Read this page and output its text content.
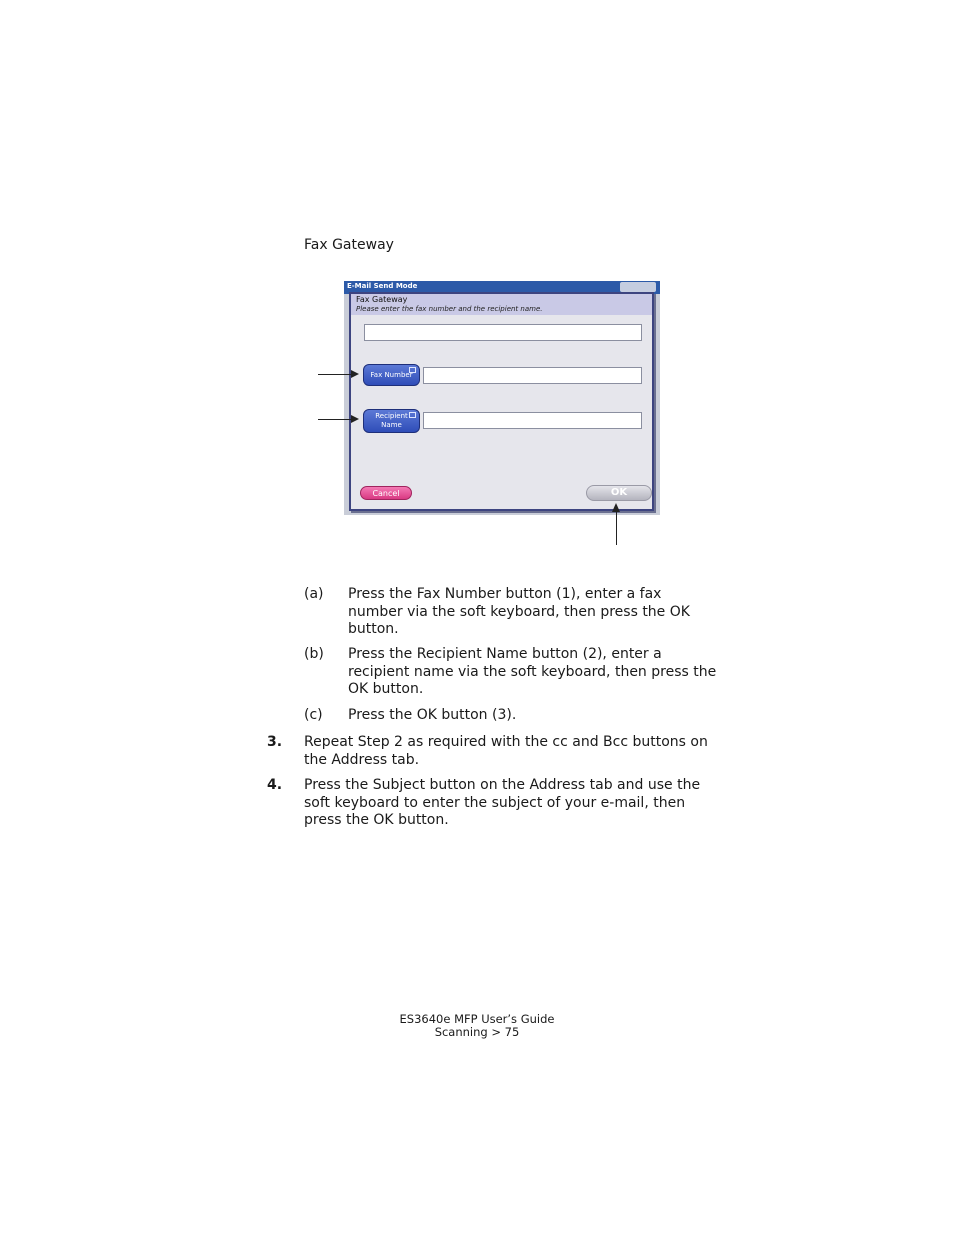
Fax Gateway
E-Mail Send Mode
Fax Gateway
Please enter the fax number and the recipient name.
Fax Number
Recipient
Name
Cancel	OK
(a)	Press the Fax Number button (1), enter a fax number via the soft keyboard, then press the OK button.
(b)	Press the Recipient Name button (2), enter a recipient name via the soft keyboard, then press the OK button.
(c)	Press the OK button (3).
3. Repeat Step 2 as required with the cc and Bcc buttons on the Address tab.
4. Press the Subject button on the Address tab and use the soft keyboard to enter the subject of your e-mail, then press the OK button.
ES3640e MFP User’s Guide
Scanning > 75
